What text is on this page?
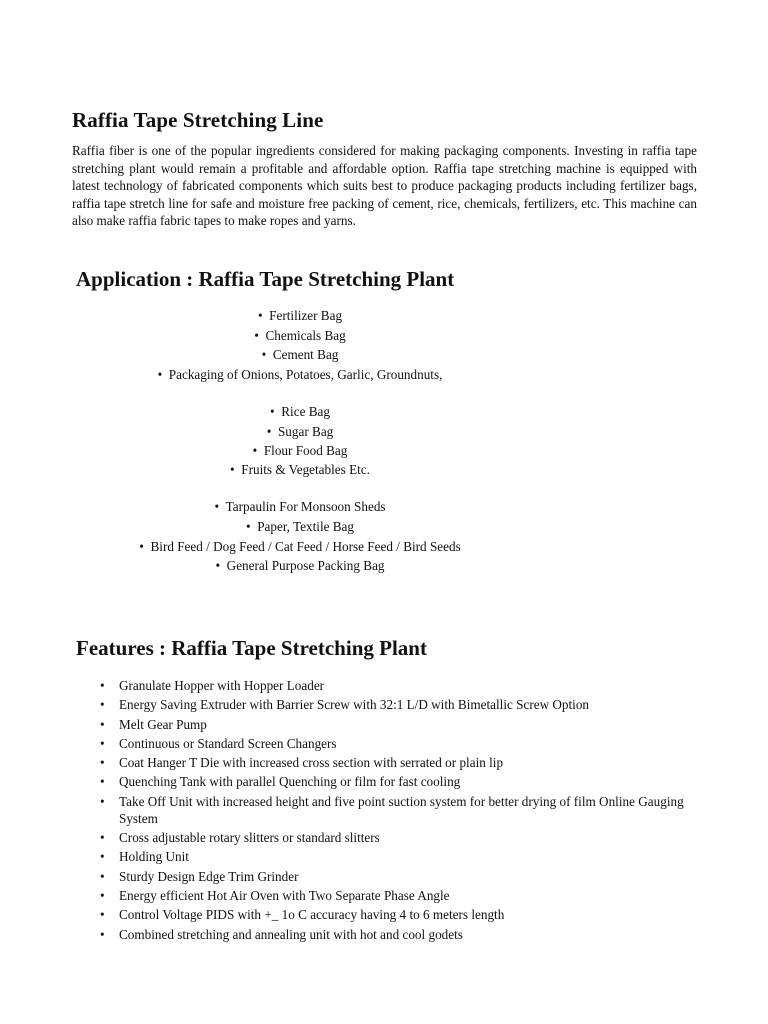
Raffia Tape Stretching Line

Raffia fiber is one of the popular ingredients considered for making packaging components. Investing in raffia tape stretching plant would remain a profitable and affordable option. Raffia tape stretching machine is equipped with latest technology of fabricated components which suits best to produce packaging products including fertilizer bags, raffia tape stretch line for safe and moisture free packing of cement, rice, chemicals, fertilizers, etc. This machine can also make raffia fabric tapes to make ropes and yarns.

Application : Raffia Tape Stretching Plant
•  Fertilizer Bag
•  Chemicals Bag
•  Cement Bag
•  Packaging of Onions, Potatoes, Garlic, Groundnuts,
•  Rice Bag
•  Sugar Bag
•  Flour Food Bag
•  Fruits & Vegetables Etc.
•  Tarpaulin For Monsoon Sheds
•  Paper, Textile Bag
•  Bird Feed / Dog Feed / Cat Feed / Horse Feed / Bird Seeds
•  General Purpose Packing Bag
Features : Raffia Tape Stretching Plant
• Granulate Hopper with Hopper Loader
• Energy Saving Extruder with Barrier Screw with 32:1 L/D with Bimetallic Screw Option
• Melt Gear Pump
• Continuous or Standard Screen Changers
• Coat Hanger T Die with increased cross section with serrated or plain lip
• Quenching Tank with parallel Quenching or film for fast cooling
• Take Off Unit with increased height and five point suction system for better drying of film Online Gauging System
• Cross adjustable rotary slitters or standard slitters
• Holding Unit
• Sturdy Design Edge Trim Grinder
• Energy efficient Hot Air Oven with Two Separate Phase Angle
• Control Voltage PIDS with +_ 1o C accuracy having 4 to 6 meters length
• Combined stretching and annealing unit with hot and cool godets
